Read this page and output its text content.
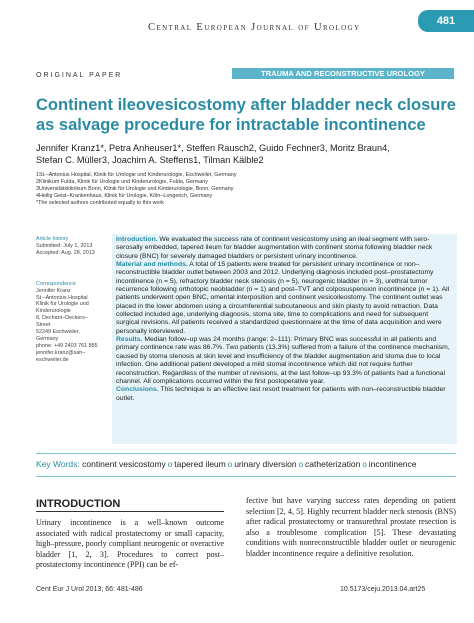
Central European Journal of Urology
481
ORIGINAL PAPER	TRAUMA AND RECONSTRUCTIVE UROLOGY
Continent ileovesicostomy after bladder neck closure as salvage procedure for intractable incontinence
Jennifer Kranz1*, Petra Anheuser1*, Steffen Rausch2, Guido Fechner3, Moritz Braun4,
Stefan C. Müller3, Joachim A. Steffens1, Tilman Kälble2
1St.–Antonius Hospital, Klinik für Urologie und Kinderurologie, Eschweiler, Germany
2Klinikum Fulda, Klinik für Urologie und Kinderurologie, Fulda, Germany
3Universitätsklinikum Bonn, Klinik für Urologie und Kinderurologie, Bonn, Germany
4Heilig Geist–Krankenhaus, Klinik für Urologie, Köln–Longerich, Germany
*The selected authors contributed equally to this work
Article history
Submitted: July 1, 2013
Accepted: Aug. 28, 2013
Correspondence
Jennifer Kranz
St.–Antonius Hospital
Klinik für Urologie und
Kinderurologie
8, Dechant–Deckers–
Street
52249 Eschweiler,
Germany
phone: +49 2403 761 885
jennifer.kranz@sah–
eschweiler.de
Introduction. We evaluated the success rate of continent vesicostomy using an ileal segment with sero-serosally embedded, tapered ileum for bladder augmentation with continent stoma following bladder neck closure (BNC) for severely damaged bladders or persistent urinary incontinence.
Material and methods. A total of 15 patients were treated for persistent urinary incontinence or non–reconstructible bladder outlet between 2003 and 2012. Underlying diagnosis included post–prostatectomy incontinence (n = 5), refractory bladder neck stenosis (n = 5), neurogenic bladder (n = 3), urethral tumor recurrence following orthotopic neobladder (n = 1) and post–TVT and colposuspension incontinence (n = 1). All patients underwent open BNC, omental interposition and continent vesicoileostomy. The continent outlet was placed in the lower abdomen using a circumferential subcutaneous and skin plasty to avoid retraction. Data collected included age, underlying diagnosis, stoma site, time to complications and need for subsequent surgical revisions. All patients received a standardized questionnaire at the time of data acquisition and were personally interviewed.
Results. Median follow–up was 24 months (range: 2–111). Primary BNC was successful in all patients and primary continence rate was 86.7%. Two patients (13.3%) suffered from a failure of the continence mechanism, caused by stoma stenosis at skin level and insufficiency of the bladder augmentation and stoma due to local infection. One additional patient developed a mild stomal incontinence which did not require further reconstruction. Regardless of the number of revisions, at the last follow–up 93.3% of patients had a functional channel. All complications occurred within the first postoperative year.
Conclusions. This technique is an effective last resort treatment for patients with non–reconstructible bladder outlet.
Key Words: continent vesicostomy ο tapered ileum ο urinary diversion ο catheterization ο incontinence
INTRODUCTION
Urinary incontinence is a well–known outcome associated with radical prostatectomy or small capacity, high–pressure, poorly compliant neurogenic or overactive bladder [1, 2, 3]. Procedures to correct post–prostatectomy incontinence (PPI) can be ef-
fective but have varying success rates depending on patient selection [2, 4, 5]. Highly recurrent bladder neck stenosis (BNS) after radical prostatectomy or transurethral prostate resection is also a troublesome complication [5]. These devastating conditions with nonreconstructible bladder outlet or neurogenic bladder incontinence require a definitive resolution.
Cent Eur J Urol 2013; 66: 481-486	10.5173/ceju.2013.04.art25
